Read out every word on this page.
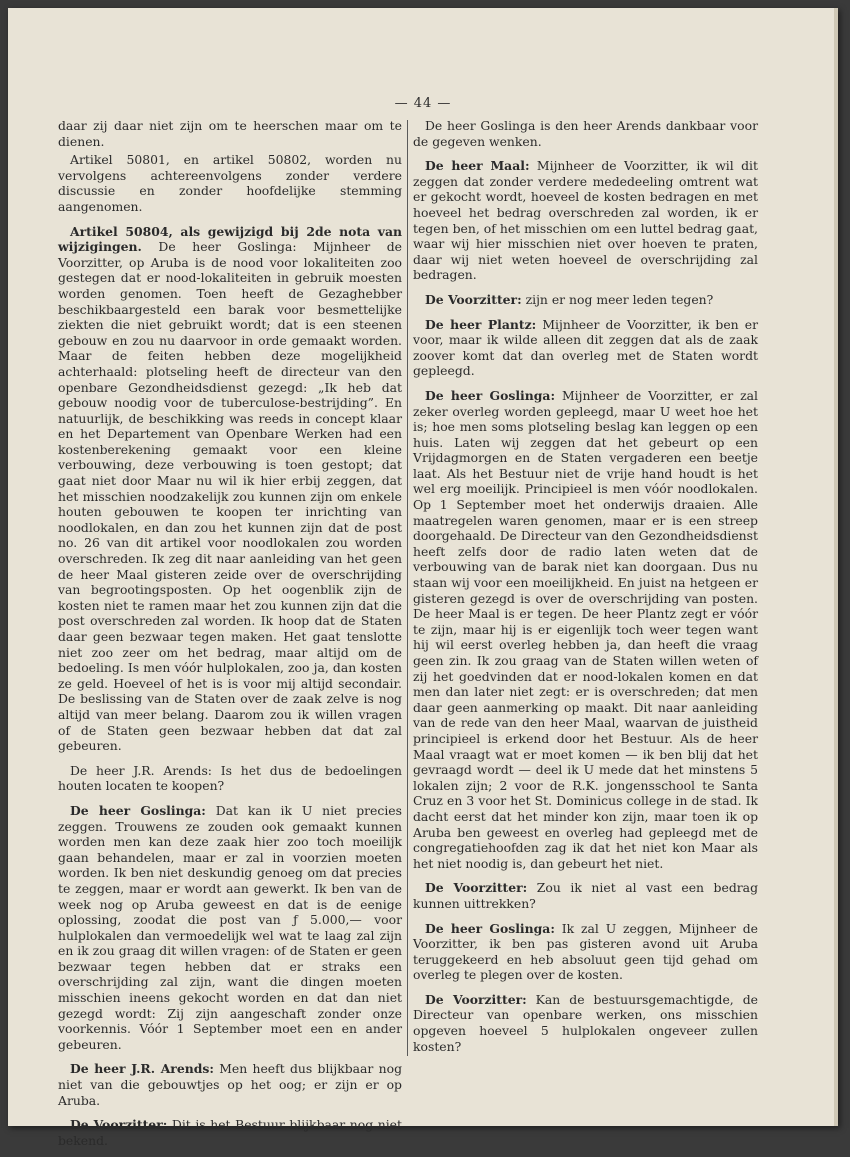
— 44 —

daar zij daar niet zijn om te heerschen maar om te dienen.

Artikel 50801, en artikel 50802, worden nu vervolgens achtereenvolgens zonder verdere discussie en zonder hoofdelijke stemming aangenomen.

Artikel 50804, als gewijzigd bij 2de nota van wijzigingen. De heer Goslinga: Mijnheer de Voorzitter, op Aruba is de nood voor lokaliteiten zoo gestegen dat er nood-lokaliteiten in gebruik moesten worden genomen. Toen heeft de Gezaghebber beschikbaargesteld een barak voor besmettelijke ziekten die niet gebruikt wordt; dat is een steenen gebouw en zou nu daarvoor in orde gemaakt worden. Maar de feiten hebben deze mogelijkheid achterhaald: plotseling heeft de directeur van den openbare Gezondheidsdienst gezegd: „Ik heb dat gebouw noodig voor de tuberculose-bestrijding”. En natuurlijk, de beschikking was reeds in concept klaar en het Departement van Openbare Werken had een kostenberekening gemaakt voor een kleine verbouwing, deze verbouwing is toen gestopt; dat gaat niet door Maar nu wil ik hier erbij zeggen, dat het misschien noodzakelijk zou kunnen zijn om enkele houten gebouwen te koopen ter inrichting van noodlokalen, en dan zou het kunnen zijn dat de post no. 26 van dit artikel voor noodlokalen zou worden overschreden. Ik zeg dit naar aanleiding van het geen de heer Maal gisteren zeide over de overschrijding van begrootingsposten. Op het oogenblik zijn de kosten niet te ramen maar het zou kunnen zijn dat die post overschreden zal worden. Ik hoop dat de Staten daar geen bezwaar tegen maken. Het gaat tenslotte niet zoo zeer om het bedrag, maar altijd om de bedoeling. Is men vóór hulplokalen, zoo ja, dan kosten ze geld. Hoeveel of het is is voor mij altijd secondair. De beslissing van de Staten over de zaak zelve is nog altijd van meer belang. Daarom zou ik willen vragen of de Staten geen bezwaar hebben dat dat zal gebeuren.

De heer J.R. Arends: Is het dus de bedoelingen houten locaten te koopen?

De heer Goslinga: Dat kan ik U niet precies zeggen. Trouwens ze zouden ook gemaakt kunnen worden men kan deze zaak hier zoo toch moeilijk gaan behandelen, maar er zal in voorzien moeten worden. Ik ben niet deskundig genoeg om dat precies te zeggen, maar er wordt aan gewerkt. Ik ben van de week nog op Aruba geweest en dat is de eenige oplossing, zoodat die post van ƒ 5.000,— voor hulplokalen dan vermoedelijk wel wat te laag zal zijn en ik zou graag dit willen vragen: of de Staten er geen bezwaar tegen hebben dat er straks een overschrijding zal zijn, want die dingen moeten misschien ineens gekocht worden en dat dan niet gezegd wordt: Zij zijn aangeschaft zonder onze voorkennis. Vóór 1 September moet een en ander gebeuren.

De heer J.R. Arends: Men heeft dus blijkbaar nog niet van die gebouwtjes op het oog; er zijn er op Aruba.

De Voorzitter: Dit is het Bestuur blijkbaar nog niet bekend.

De heer Goslinga is den heer Arends dankbaar voor de gegeven wenken.

De heer Maal: Mijnheer de Voorzitter, ik wil dit zeggen dat zonder verdere mededeeling omtrent wat er gekocht wordt, hoeveel de kosten bedragen en met hoeveel het bedrag overschreden zal worden, ik er tegen ben, of het misschien om een luttel bedrag gaat, waar wij hier misschien niet over hoeven te praten, daar wij niet weten hoeveel de overschrijding zal bedragen.

De Voorzitter: zijn er nog meer leden tegen?

De heer Plantz: Mijnheer de Voorzitter, ik ben er voor, maar ik wilde alleen dit zeggen dat als de zaak zoover komt dat dan overleg met de Staten wordt gepleegd.

De heer Goslinga: Mijnheer de Voorzitter, er zal zeker overleg worden gepleegd, maar U weet hoe het is; hoe men soms plotseling beslag kan leggen op een huis. Laten wij zeggen dat het gebeurt op een Vrijdagmorgen en de Staten vergaderen een beetje laat. Als het Bestuur niet de vrije hand houdt is het wel erg moeilijk. Principieel is men vóór noodlokalen. Op 1 September moet het onderwijs draaien. Alle maatregelen waren genomen, maar er is een streep doorgehaald. De Directeur van den Gezondheidsdienst heeft zelfs door de radio laten weten dat de verbouwing van de barak niet kan doorgaan. Dus nu staan wij voor een moeilijkheid. En juist na hetgeen er gisteren gezegd is over de overschrijding van posten. De heer Maal is er tegen. De heer Plantz zegt er vóór te zijn, maar hij is er eigenlijk toch weer tegen want hij wil eerst overleg hebben ja, dan heeft die vraag geen zin. Ik zou graag van de Staten willen weten of zij het goedvinden dat er nood-lokalen komen en dat men dan later niet zegt: er is overschreden; dat men daar geen aanmerking op maakt. Dit naar aanleiding van de rede van den heer Maal, waarvan de juistheid principieel is erkend door het Bestuur. Als de heer Maal vraagt wat er moet komen — ik ben blij dat het gevraagd wordt — deel ik U mede dat het minstens 5 lokalen zijn; 2 voor de R.K. jongensschool te Santa Cruz en 3 voor het St. Dominicus college in de stad. Ik dacht eerst dat het minder kon zijn, maar toen ik op Aruba ben geweest en overleg had gepleegd met de congregatiehoofden zag ik dat het niet kon Maar als het niet noodig is, dan gebeurt het niet.

De Voorzitter: Zou ik niet al vast een bedrag kunnen uittrekken?

De heer Goslinga: Ik zal U zeggen, Mijnheer de Voorzitter, ik ben pas gisteren avond uit Aruba teruggekeerd en heb absoluut geen tijd gehad om overleg te plegen over de kosten.

De Voorzitter: Kan de bestuursgemachtigde, de Directeur van openbare werken, ons misschien opgeven hoeveel 5 hulplokalen ongeveer zullen kosten?
